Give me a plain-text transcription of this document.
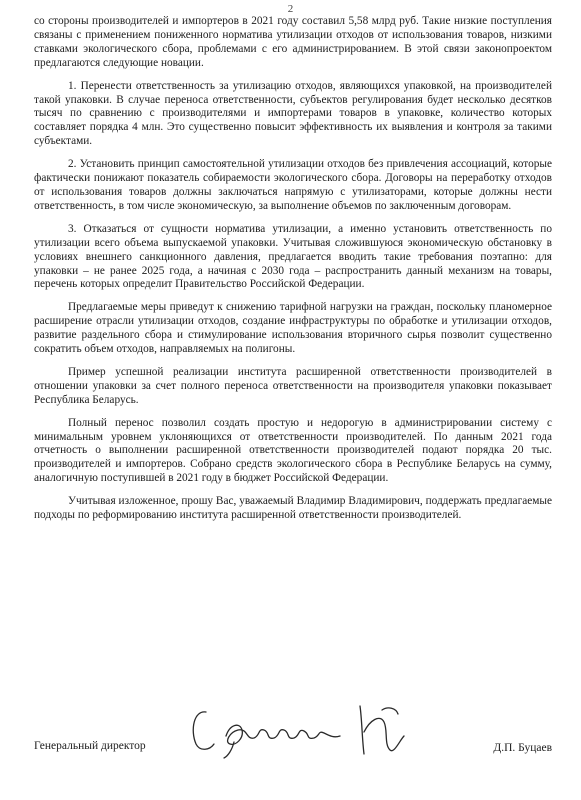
2

со стороны производителей и импортеров в 2021 году составил 5,58 млрд руб. Такие низкие поступления связаны с применением пониженного норматива утилизации отходов от использования товаров, низкими ставками экологического сбора, проблемами с его администрированием. В этой связи законопроектом предлагаются следующие новации.

1. Перенести ответственность за утилизацию отходов, являющихся упаковкой, на производителей такой упаковки. В случае переноса ответственности, субъектов регулирования будет несколько десятков тысяч по сравнению с производителями и импортерами товаров в упаковке, количество которых составляет порядка 4 млн. Это существенно повысит эффективность их выявления и контроля за такими субъектами.

2. Установить принцип самостоятельной утилизации отходов без привлечения ассоциаций, которые фактически понижают показатель собираемости экологического сбора. Договоры на переработку отходов от использования товаров должны заключаться напрямую с утилизаторами, которые должны нести ответственность, в том числе экономическую, за выполнение объемов по заключенным договорам.

3. Отказаться от сущности норматива утилизации, а именно установить ответственность по утилизации всего объема выпускаемой упаковки. Учитывая сложившуюся экономическую обстановку в условиях внешнего санкционного давления, предлагается вводить такие требования поэтапно: для упаковки – не ранее 2025 года, а начиная с 2030 года – распространить данный механизм на товары, перечень которых определит Правительство Российской Федерации.

Предлагаемые меры приведут к снижению тарифной нагрузки на граждан, поскольку планомерное расширение отрасли утилизации отходов, создание инфраструктуры по обработке и утилизации отходов, развитие раздельного сбора и стимулирование использования вторичного сырья позволит существенно сократить объем отходов, направляемых на полигоны.

Пример успешной реализации института расширенной ответственности производителей в отношении упаковки за счет полного переноса ответственности на производителя упаковки показывает Республика Беларусь.

Полный перенос позволил создать простую и недорогую в администрировании систему с минимальным уровнем уклоняющихся от ответственности производителей. По данным 2021 года отчетность о выполнении расширенной ответственности производителей подают порядка 20 тыс. производителей и импортеров. Собрано средств экологического сбора в Республике Беларусь на сумму, аналогичную поступившей в 2021 году в бюджет Российской Федерации.

Учитывая изложенное, прошу Вас, уважаемый Владимир Владимирович, поддержать предлагаемые подходы по реформированию института расширенной ответственности производителей.

Генеральный директор	Д.П. Буцаев
